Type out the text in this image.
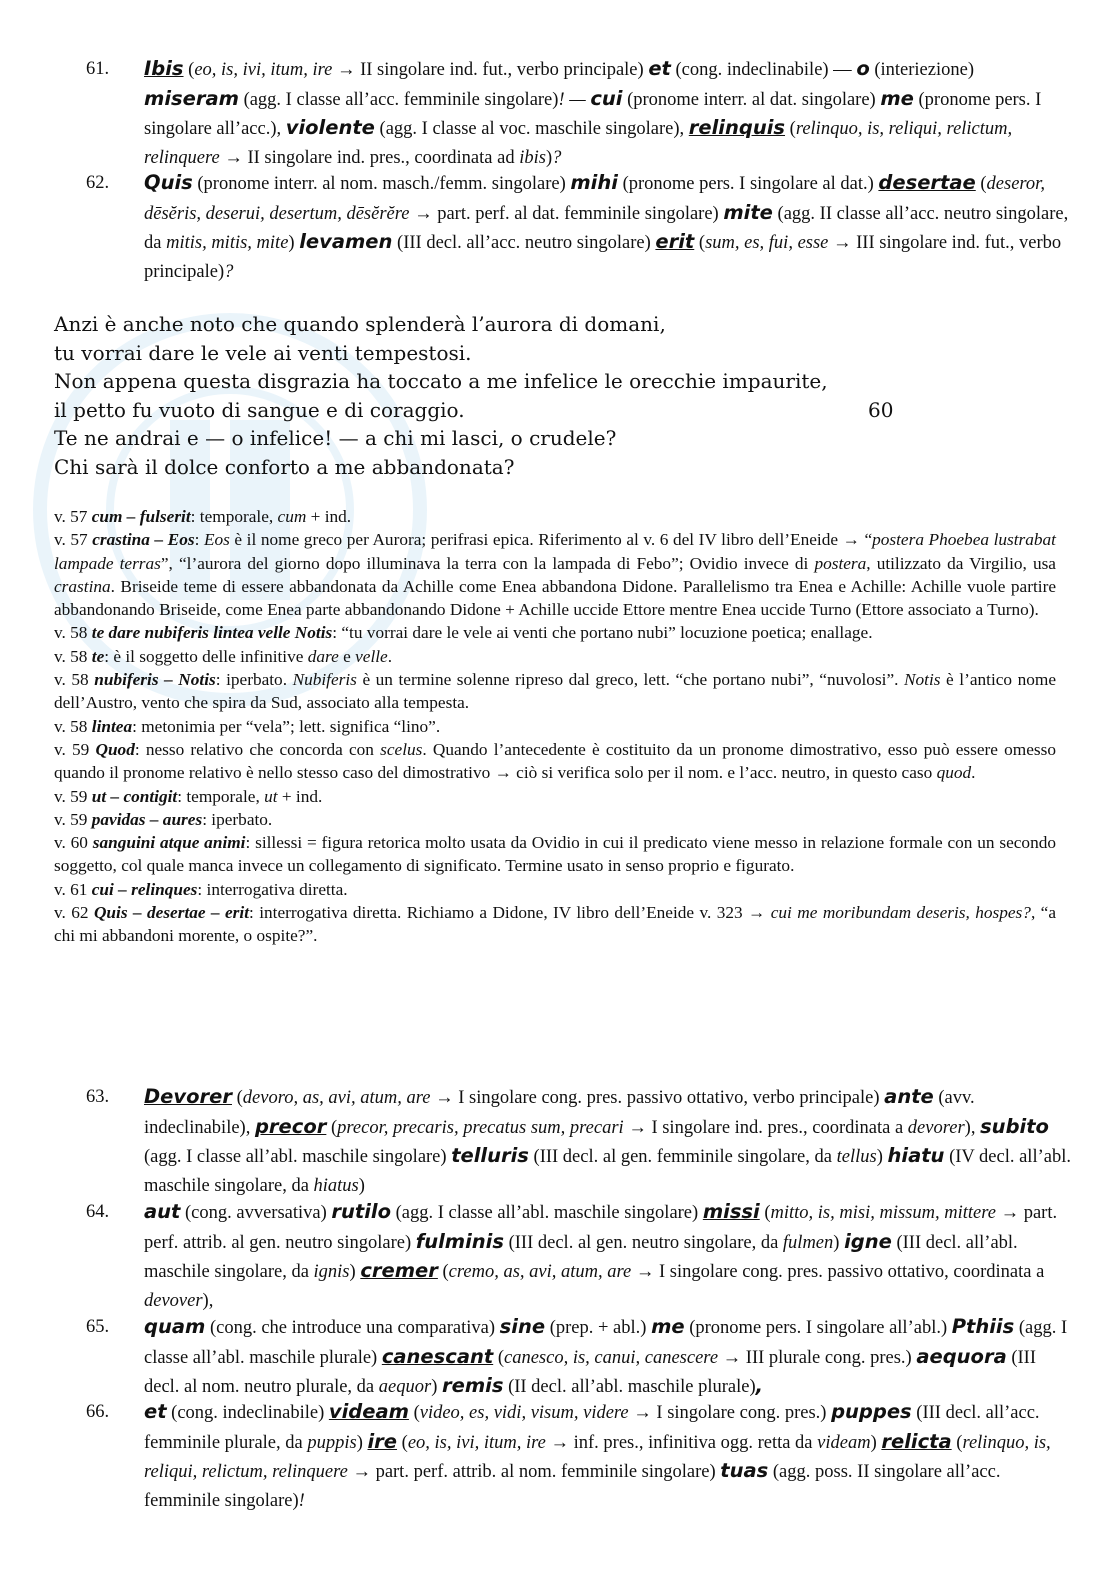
61. Ibis (eo, is, ivi, itum, ire → II singolare ind. fut., verbo principale) et (cong. indeclinabile) — o (interiezione) miseram (agg. I classe all’acc. femminile singolare)! — cui (pronome interr. al dat. singolare) me (pronome pers. I singolare all’acc.), violente (agg. I classe al voc. maschile singolare), relinquis (relinquo, is, reliqui, relictum, relinquere → II singolare ind. pres., coordinata ad ibis)?
62. Quis (pronome interr. al nom. masch./femm. singolare) mihi (pronome pers. I singolare al dat.) desertae (deseror, dēsĕris, deserui, desertum, dēsĕrĕre → part. perf. al dat. femminile singolare) mite (agg. II classe all’acc. neutro singolare, da mitis, mitis, mite) levamen (III decl. all’acc. neutro singolare) erit (sum, es, fui, esse → III singolare ind. fut., verbo principale)?
Anzi è anche noto che quando splenderà l’aurora di domani,
tu vorrai dare le vele ai venti tempestosi.
Non appena questa disgrazia ha toccato a me infelice le orecchie impaurite,
il petto fu vuoto di sangue e di coraggio.	60
Te ne andrai e — o infelice! — a chi mi lasci, o crudele?
Chi sarà il dolce conforto a me abbandonata?

v. 57 cum – fulserit: temporale, cum + ind.

v. 57 crastina – Eos: Eos è il nome greco per Aurora; perifrasi epica. Riferimento al v. 6 del IV libro dell’Eneide → “postera Phoebea lustrabat lampade terras”, “l’aurora del giorno dopo illuminava la terra con la lampada di Febo”; Ovidio invece di postera, utilizzato da Virgilio, usa crastina. Briseide teme di essere abbandonata da Achille come Enea abbandona Didone. Parallelismo tra Enea e Achille: Achille vuole partire abbandonando Briseide, come Enea parte abbandonando Didone + Achille uccide Ettore mentre Enea uccide Turno (Ettore associato a Turno).

v. 58 te dare nubiferis lintea velle Notis: “tu vorrai dare le vele ai venti che portano nubi” locuzione poetica; enallage.

v. 58 te: è il soggetto delle infinitive dare e velle.

v. 58 nubiferis – Notis: iperbato. Nubiferis è un termine solenne ripreso dal greco, lett. “che portano nubi”, “nuvolosi”. Notis è l’antico nome dell’Austro, vento che spira da Sud, associato alla tempesta.

v. 58 lintea: metonimia per “vela”; lett. significa “lino”.

v. 59 Quod: nesso relativo che concorda con scelus. Quando l’antecedente è costituito da un pronome dimostrativo, esso può essere omesso quando il pronome relativo è nello stesso caso del dimostrativo → ciò si verifica solo per il nom. e l’acc. neutro, in questo caso quod.

v. 59 ut – contigit: temporale, ut + ind.

v. 59 pavidas – aures: iperbato.

v. 60 sanguini atque animi: sillessi = figura retorica molto usata da Ovidio in cui il predicato viene messo in relazione formale con un secondo soggetto, col quale manca invece un collegamento di significato. Termine usato in senso proprio e figurato.

v. 61 cui – relinques: interrogativa diretta.

v. 62 Quis – desertae – erit: interrogativa diretta. Richiamo a Didone, IV libro dell’Eneide v. 323 → cui me moribundam deseris, hospes?, “a chi mi abbandoni morente, o ospite?”.

63. Devorer (devoro, as, avi, atum, are → I singolare cong. pres. passivo ottativo, verbo principale) ante (avv. indeclinabile), precor (precor, precaris, precatus sum, precari → I singolare ind. pres., coordinata a devorer), subito (agg. I classe all’abl. maschile singolare) telluris (III decl. al gen. femminile singolare, da tellus) hiatu (IV decl. all’abl. maschile singolare, da hiatus)
64. aut (cong. avversativa) rutilo (agg. I classe all’abl. maschile singolare) missi (mitto, is, misi, missum, mittere → part. perf. attrib. al gen. neutro singolare) fulminis (III decl. al gen. neutro singolare, da fulmen) igne (III decl. all’abl. maschile singolare, da ignis) cremer (cremo, as, avi, atum, are → I singolare cong. pres. passivo ottativo, coordinata a devover),
65. quam (cong. che introduce una comparativa) sine (prep. + abl.) me (pronome pers. I singolare all’abl.) Pthiis (agg. I classe all’abl. maschile plurale) canescant (canesco, is, canui, canescere → III plurale cong. pres.) aequora (III decl. al nom. neutro plurale, da aequor) remis (II decl. all’abl. maschile plurale),
66. et (cong. indeclinabile) videam (video, es, vidi, visum, videre → I singolare cong. pres.) puppes (III decl. all’acc. femminile plurale, da puppis) ire (eo, is, ivi, itum, ire → inf. pres., infinitiva ogg. retta da videam) relicta (relinquo, is, reliqui, relictum, relinquere → part. perf. attrib. al nom. femminile singolare) tuas (agg. poss. II singolare all’acc. femminile singolare)!
